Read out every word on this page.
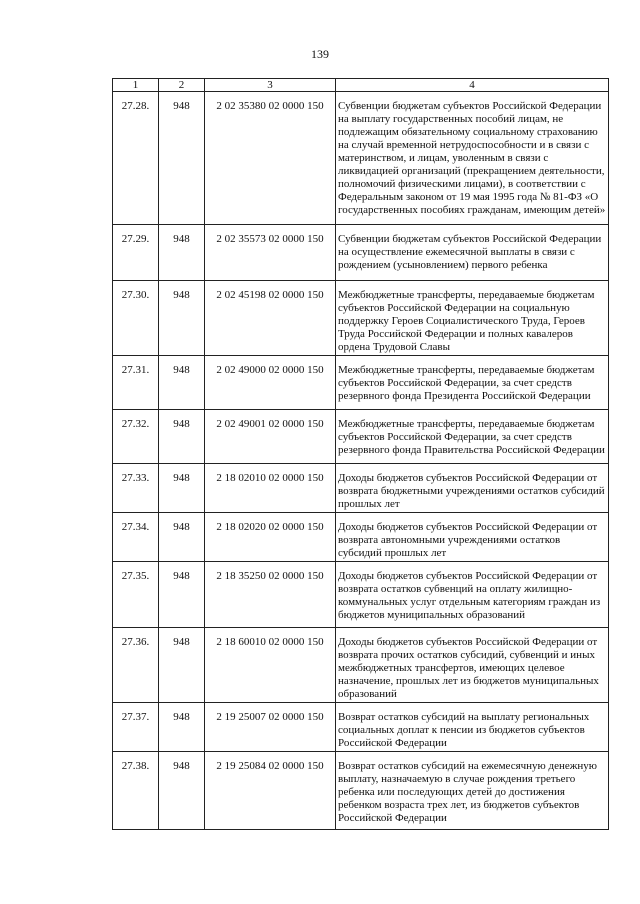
139
1	2	3	4
27.28.	948	2 02 35380 02 0000 150	Субвенции бюджетам субъектов Российской Федерации на выплату государственных пособий лицам, не подлежащим обязательному социальному страхованию на случай временной нетрудоспособности и в связи с материнством, и лицам, уволенным в связи с ликвидацией организаций (прекращением деятельности, полномочий физическими лицами), в соответствии с Федеральным законом от 19 мая 1995 года № 81-ФЗ «О государственных пособиях гражданам, имеющим детей»

27.29.	948	2 02 35573 02 0000 150	Субвенции бюджетам субъектов Российской Федерации на осуществление ежемесячной выплаты в связи с рождением (усыновлением) первого ребенка

27.30.	948	2 02 45198 02 0000 150	Межбюджетные трансферты, передаваемые бюджетам субъектов Российской Федерации на социальную поддержку Героев Социалистического Труда, Героев Труда Российской Федерации и полных кавалеров ордена Трудовой Славы

27.31.	948	2 02 49000 02 0000 150	Межбюджетные трансферты, передаваемые бюджетам субъектов Российской Федерации, за счет средств резервного фонда Президента Российской Федерации

27.32.	948	2 02 49001 02 0000 150	Межбюджетные трансферты, передаваемые бюджетам субъектов Российской Федерации, за счет средств резервного фонда Правительства Российской Федерации

27.33.	948	2 18 02010 02 0000 150	Доходы бюджетов субъектов Российской Федерации от возврата бюджетными учреждениями остатков субсидий прошлых лет

27.34.	948	2 18 02020 02 0000 150	Доходы бюджетов субъектов Российской Федерации от возврата автономными учреждениями остатков субсидий прошлых лет

27.35.	948	2 18 35250 02 0000 150	Доходы бюджетов субъектов Российской Федерации от возврата остатков субвенций на оплату жилищно-коммунальных услуг отдельным категориям граждан из бюджетов муниципальных образований

27.36.	948	2 18 60010 02 0000 150	Доходы бюджетов субъектов Российской Федерации от возврата прочих остатков субсидий, субвенций и иных межбюджетных трансфертов, имеющих целевое назначение, прошлых лет из бюджетов муниципальных образований

27.37.	948	2 19 25007 02 0000 150	Возврат остатков субсидий на выплату региональных социальных доплат к пенсии из бюджетов субъектов Российской Федерации

27.38.	948	2 19 25084 02 0000 150	Возврат остатков субсидий на ежемесячную денежную выплату, назначаемую в случае рождения третьего ребенка или последующих детей до достижения ребенком возраста трех лет, из бюджетов субъектов Российской Федерации
